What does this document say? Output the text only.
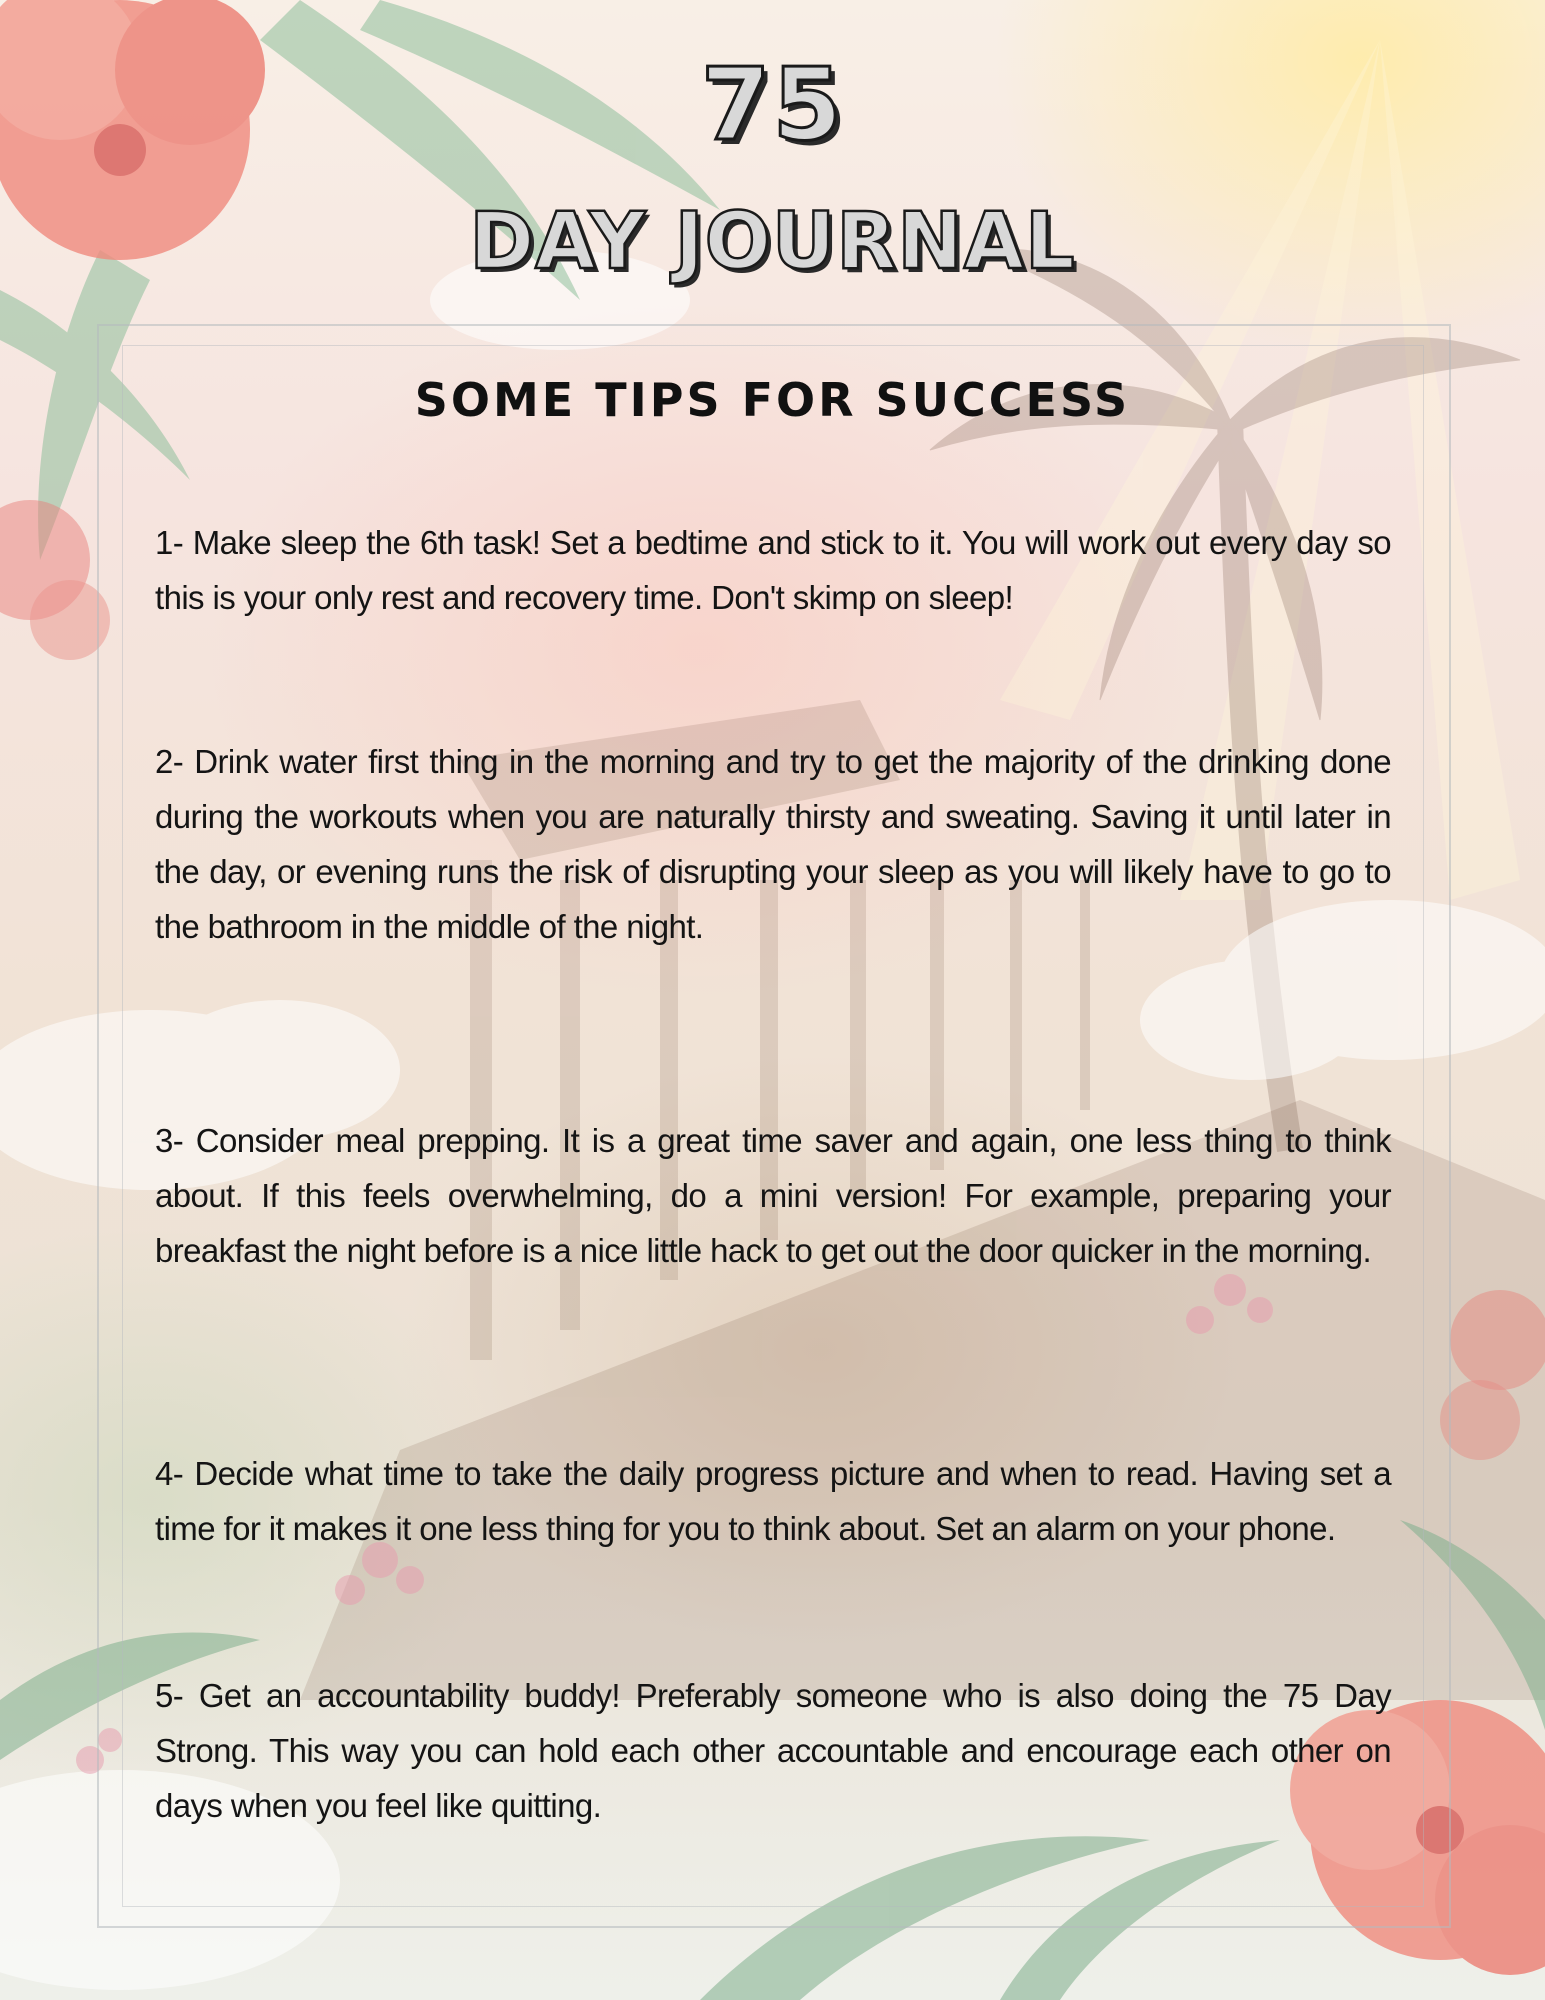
75
DAY JOURNAL
SOME TIPS FOR SUCCESS

1- Make sleep the 6th task! Set a bedtime and stick to it. You will work out every day so this is your only rest and recovery time. Don't skimp on sleep!

2- Drink water first thing in the morning and try to get the majority of the drinking done during the workouts when you are naturally thirsty and sweating. Saving it until later in the day, or evening runs the risk of disrupting your sleep as you will likely have to go to the bathroom in the middle of the night.

3- Consider meal prepping. It is a great time saver and again, one less thing to think about. If this feels overwhelming, do a mini version! For example, preparing your breakfast the night before is a nice little hack to get out the door quicker in the morning.

4- Decide what time to take the daily progress picture and when to read. Having set a time for it makes it one less thing for you to think about. Set an alarm on your phone.

5- Get an accountability buddy! Preferably someone who is also doing the 75 Day Strong. This way you can hold each other accountable and encourage each other on days when you feel like quitting.
